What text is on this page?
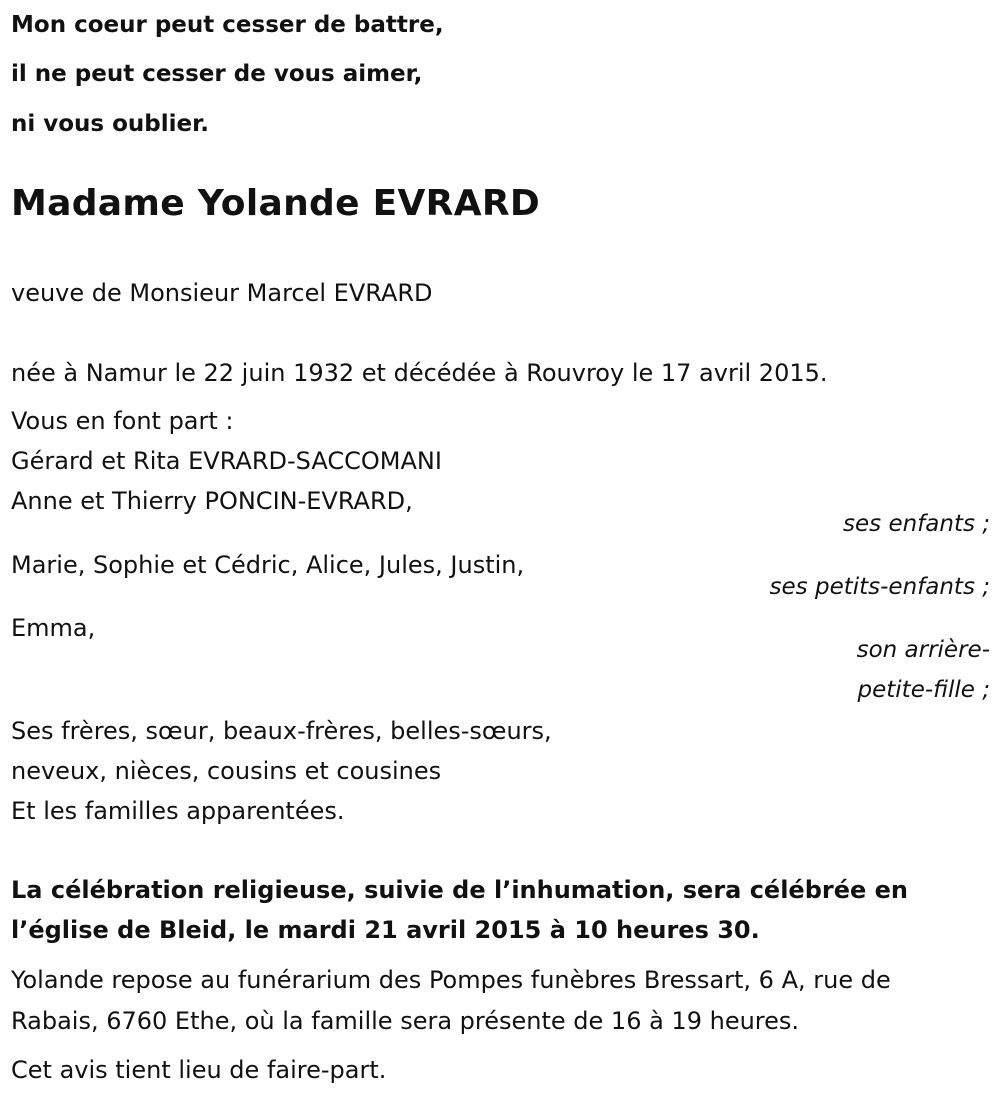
Mon coeur peut cesser de battre,
il ne peut cesser de vous aimer,
ni vous oublier.
Madame Yolande EVRARD
veuve de Monsieur Marcel EVRARD
née à Namur le 22 juin 1932 et décédée à Rouvroy le 17 avril 2015.
Vous en font part :
Gérard et Rita EVRARD-SACCOMANI
Anne et Thierry PONCIN-EVRARD,
ses enfants ;
Marie, Sophie et Cédric, Alice, Jules, Justin,
ses petits-enfants ;
Emma,
son arrière-
petite-fille ;
Ses frères, sœur, beaux-frères, belles-sœurs,
neveux, nièces, cousins et cousines
Et les familles apparentées.
La célébration religieuse, suivie de l’inhumation, sera célébrée en
l’église de Bleid, le mardi 21 avril 2015 à 10 heures 30.
Yolande repose au funérarium des Pompes funèbres Bressart, 6 A, rue de
Rabais, 6760 Ethe, où la famille sera présente de 16 à 19 heures.
Cet avis tient lieu de faire-part.
